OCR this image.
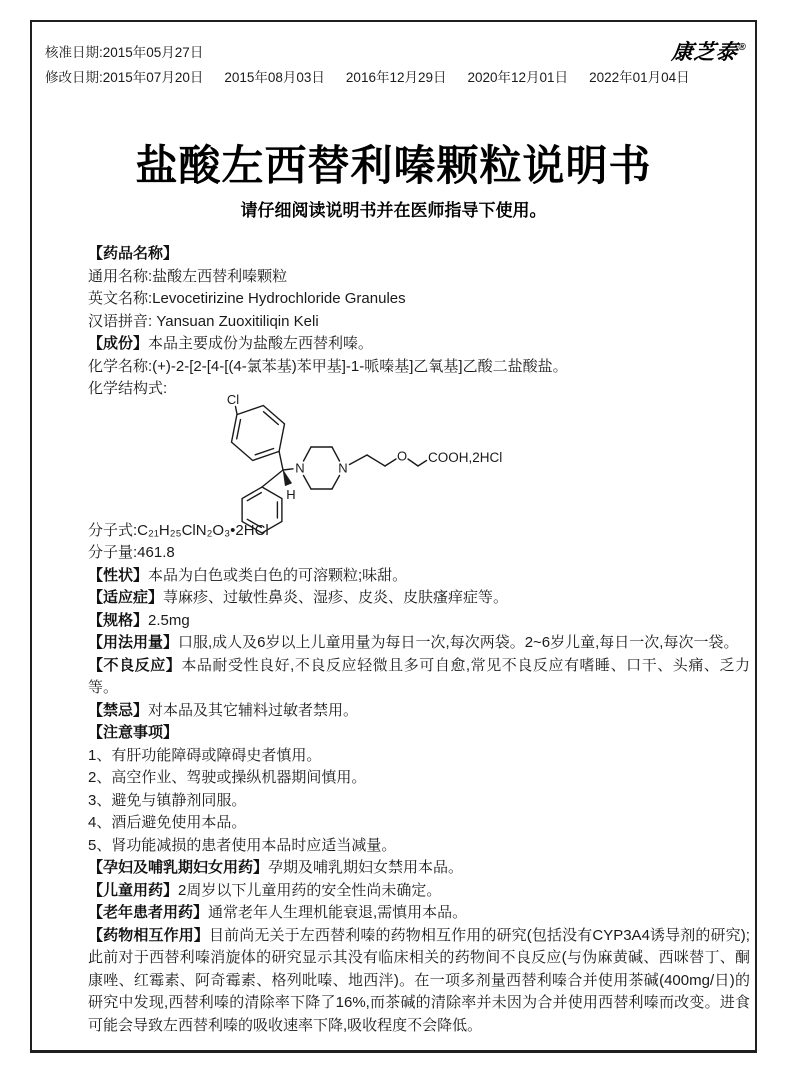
核准日期:2015年05月27日
修改日期:2015年07月20日 2015年08月03日 2016年12月29日 2020年12月01日 2022年01月04日
康芝泰®
盐酸左西替利嗪颗粒说明书

请仔细阅读说明书并在医师指导下使用。

【药品名称】

通用名称:盐酸左西替利嗪颗粒

英文名称:Levocetirizine Hydrochloride Granules

汉语拼音: Yansuan Zuoxitiliqin Keli

【成份】本品主要成份为盐酸左西替利嗪。

化学名称:(+)-2-[2-[4-[(4-氯苯基)苯甲基]-1-哌嗪基]乙氧基]乙酸二盐酸盐。

化学结构式:

Cl
H
N	N
O COOH,2HCl

分子式:C₂₁H₂₅ClN₂O₃•2HCl

分子量:461.8

【性状】本品为白色或类白色的可溶颗粒;味甜。

【适应症】荨麻疹、过敏性鼻炎、湿疹、皮炎、皮肤瘙痒症等。

【规格】2.5mg

【用法用量】口服,成人及6岁以上儿童用量为每日一次,每次两袋。2~6岁儿童,每日一次,每次一袋。

【不良反应】本品耐受性良好,不良反应轻微且多可自愈,常见不良反应有嗜睡、口干、头痛、乏力等。

【禁忌】对本品及其它辅料过敏者禁用。

【注意事项】

1、有肝功能障碍或障碍史者慎用。

2、高空作业、驾驶或操纵机器期间慎用。

3、避免与镇静剂同服。

4、酒后避免使用本品。

5、肾功能减损的患者使用本品时应适当减量。

【孕妇及哺乳期妇女用药】孕期及哺乳期妇女禁用本品。

【儿童用药】2周岁以下儿童用药的安全性尚未确定。

【老年患者用药】通常老年人生理机能衰退,需慎用本品。

【药物相互作用】目前尚无关于左西替利嗪的药物相互作用的研究(包括没有CYP3A4诱导剂的研究);此前对于西替利嗪消旋体的研究显示其没有临床相关的药物间不良反应(与伪麻黄碱、西咪替丁、酮康唑、红霉素、阿奇霉素、格列吡嗪、地西泮)。在一项多剂量西替利嗪合并使用茶碱(400mg/日)的研究中发现,西替利嗪的清除率下降了16%,而茶碱的清除率并未因为合并使用西替利嗪而改变。进食可能会导致左西替利嗪的吸收速率下降,吸收程度不会降低。
